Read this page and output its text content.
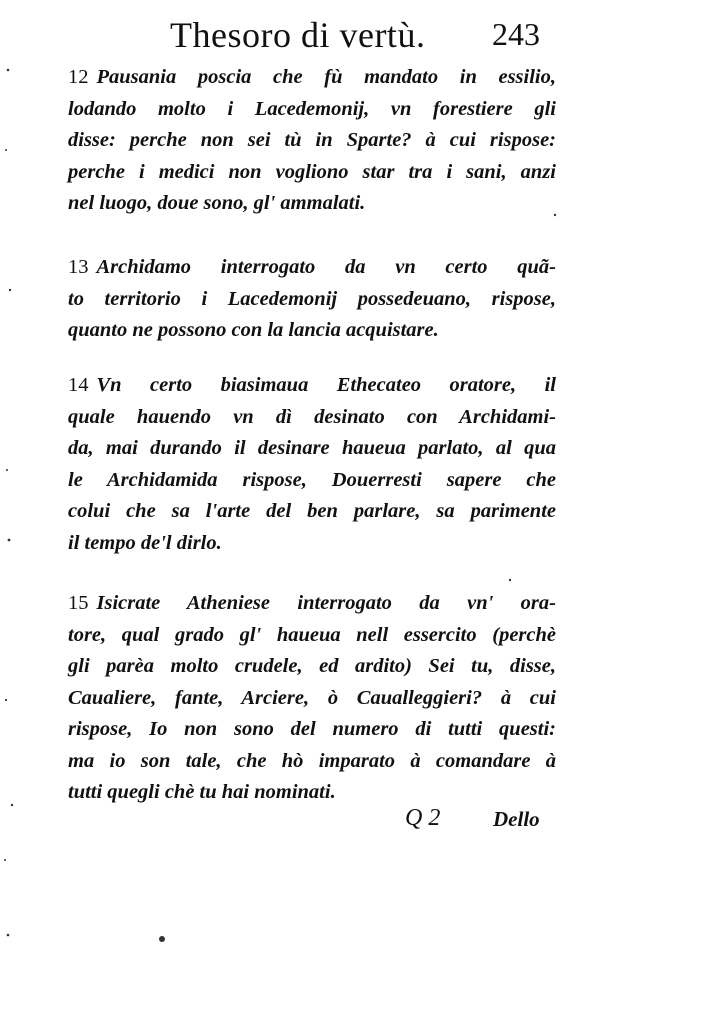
Thesoro di vertù. 243
12 Pausania poscia che fù mandato in essilio,
lodando molto i Lacedemonij, vn forestiere gli
disse: perche non sei tù in Sparte? à cui rispose:
perche i medici non vogliono star tra i sani, anzi
nel luogo, doue sono, gl' ammalati.
13 Archidamo interrogato da vn certo quã-
to territorio i Lacedemonij possedeuano, rispose,
quanto ne possono con la lancia acquistare.
14 Vn certo biasimaua Ethecateo oratore, il
quale hauendo vn dì desinato con Archidami-
da, mai durando il desinare haueua parlato, al qua
le Archidamida rispose, Douerresti sapere che
colui che sa l'arte del ben parlare, sa parimente
il tempo de'l dirlo.
15 Isicrate Atheniese interrogato da vn' ora-
tore, qual grado gl' haueua nell essercito (perchè
gli parèa molto crudele, ed ardito) Sei tu, disse,
Caualiere, fante, Arciere, ò Caualleggieri? à cui
rispose, Io non sono del numero di tutti questi:
ma io son tale, che hò imparato à comandare à
tutti quegli chè tu hai nominati.
Q 2	Dello
